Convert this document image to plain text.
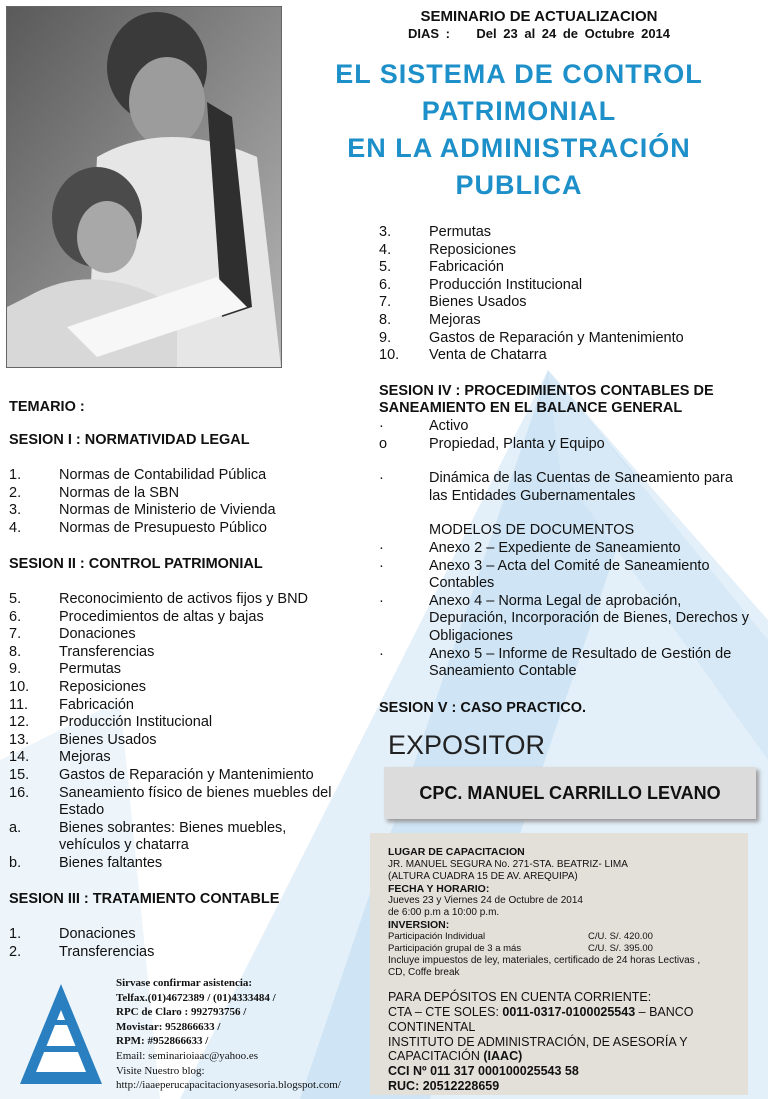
SEMINARIO DE ACTUALIZACION
DIAS : Del 23 al 24 de Octubre 2014
EL SISTEMA DE CONTROL
PATRIMONIAL
EN LA ADMINISTRACIÓN
PUBLICA
TEMARIO :
SESION I : NORMATIVIDAD LEGAL
1.	Normas de Contabilidad Pública
2.	Normas de la SBN
3.	Normas de Ministerio de Vivienda
4.	Normas de Presupuesto Público
SESION II : CONTROL PATRIMONIAL
5.	Reconocimiento de activos fijos y BND
6.	Procedimientos de altas y bajas
7.	Donaciones
8.	Transferencias
9.	Permutas
10.	Reposiciones
11.	Fabricación
12.	Producción Institucional
13.	Bienes Usados
14.	Mejoras
15.	Gastos de Reparación y Mantenimiento
16.	Saneamiento físico de bienes muebles del Estado
a.	Bienes sobrantes: Bienes muebles, vehículos y chatarra
b.	Bienes faltantes
SESION III : TRATAMIENTO CONTABLE
1.	Donaciones
2.	Transferencias
3.	Permutas
4.	Reposiciones
5.	Fabricación
6.	Producción Institucional
7.	Bienes Usados
8.	Mejoras
9.	Gastos de Reparación y Mantenimiento
10.	Venta de Chatarra
SESION IV : PROCEDIMIENTOS CONTABLES DE
SANEAMIENTO EN EL BALANCE GENERAL
·	Activo
o	Propiedad, Planta y Equipo
·	Dinámica de las Cuentas de Saneamiento para las Entidades Gubernamentales
MODELOS DE DOCUMENTOS
·	Anexo 2 – Expediente de Saneamiento
·	Anexo 3 – Acta del Comité de Saneamiento Contables
·	Anexo 4 – Norma Legal de aprobación, Depuración, Incorporación de Bienes, Derechos y Obligaciones
·	Anexo 5 – Informe de Resultado de Gestión de Saneamiento Contable
SESION V : CASO PRACTICO.
EXPOSITOR
CPC. MANUEL CARRILLO LEVANO
LUGAR DE CAPACITACION
JR. MANUEL SEGURA No. 271-STA. BEATRIZ- LIMA
(ALTURA CUADRA 15 DE AV. AREQUIPA)
FECHA Y HORARIO:
Jueves 23 y Viernes 24 de Octubre de 2014
de 6:00 p.m a 10:00 p.m.
INVERSION:
Participación Individual	C/U. S/. 420.00
Participación grupal de 3 a más	C/U. S/. 395.00
Incluye impuestos de ley, materiales, certificado de 24 horas Lectivas ,
CD, Coffe break
PARA DEPÓSITOS EN CUENTA CORRIENTE:
CTA – CTE SOLES: 0011-0317-0100025543 – BANCO
CONTINENTAL
INSTITUTO DE ADMINISTRACIÓN, DE ASESORÍA Y
CAPACITACIÓN (IAAC)
CCI Nº 011 317 000100025543 58
RUC: 20512228659
Sirvase confirmar asistencia:
Telfax.(01)4672389 / (01)4333484 /
RPC de Claro : 992793756 /
Movistar: 952866633 /
RPM: #952866633 /
Email: seminarioiaac@yahoo.es
Visite Nuestro blog:
http://iaaeperucapacitacionyasesoria.blogspot.com/
